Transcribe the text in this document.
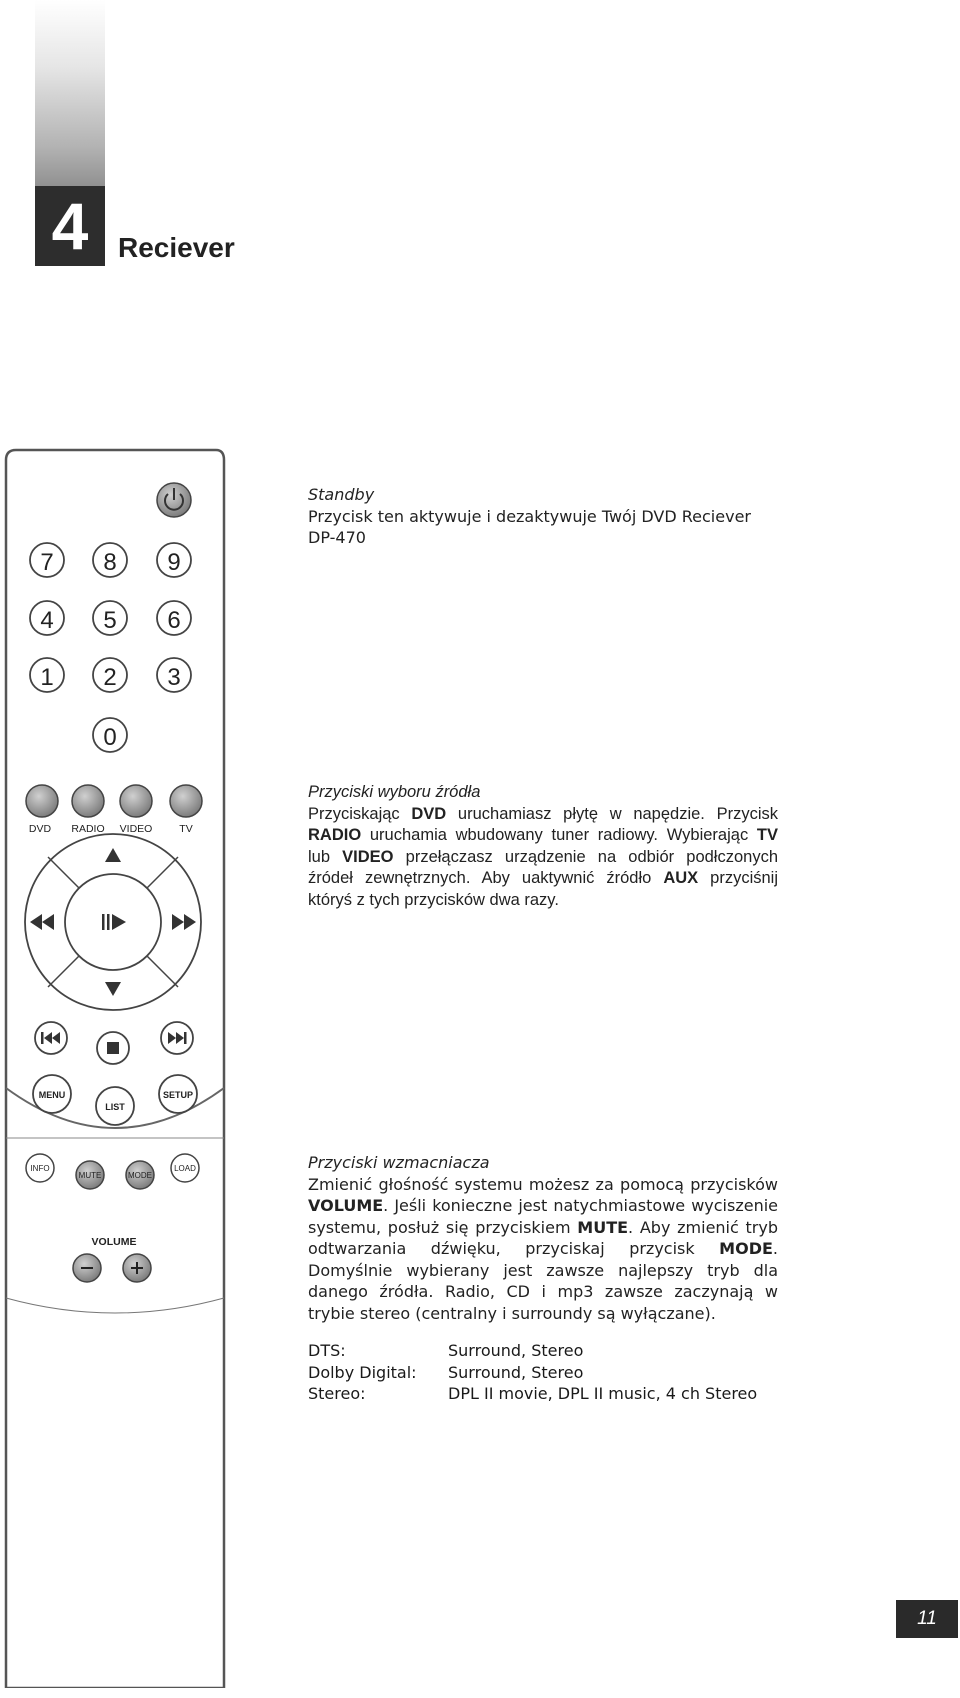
4	Reciever
7 8 9
4 5 6
1 2 3
0
DVD RADIO VIDEO	TV
MENU
LIST
SETUP
INFO
MUTE	MODE
LOAD
VOLUME

Standby

Przycisk ten aktywuje i dezaktywuje Twój DVD Reciever DP-470

Przyciski wyboru źródła

Przyciskając DVD uruchamiasz płytę w napędzie. Przycisk RADIO uruchamia wbudowany tuner radiowy. Wybierając TV lub VIDEO przełączasz urządzenie na odbiór podłczonych źródeł zewnętrznych. Aby uaktywnić źródło AUX przyciśnij któryś z tych przycisków dwa razy.

Przyciski wzmacniacza

Zmienić głośność systemu możesz za pomocą przycisków VOLUME. Jeśli konieczne jest natychmiastowe wyciszenie systemu, posłuż się przyciskiem MUTE. Aby zmienić tryb odtwarzania dźwięku, przyciskaj przycisk MODE. Domyślnie wybierany jest zawsze najlepszy tryb dla danego źródła. Radio, CD i mp3 zawsze zaczynają w trybie stereo (centralny i surroundy są wyłączane).

DTS:	Surround, Stereo
Dolby Digital:	Surround, Stereo
Stereo:	DPL II movie, DPL II music, 4 ch Stereo
11
